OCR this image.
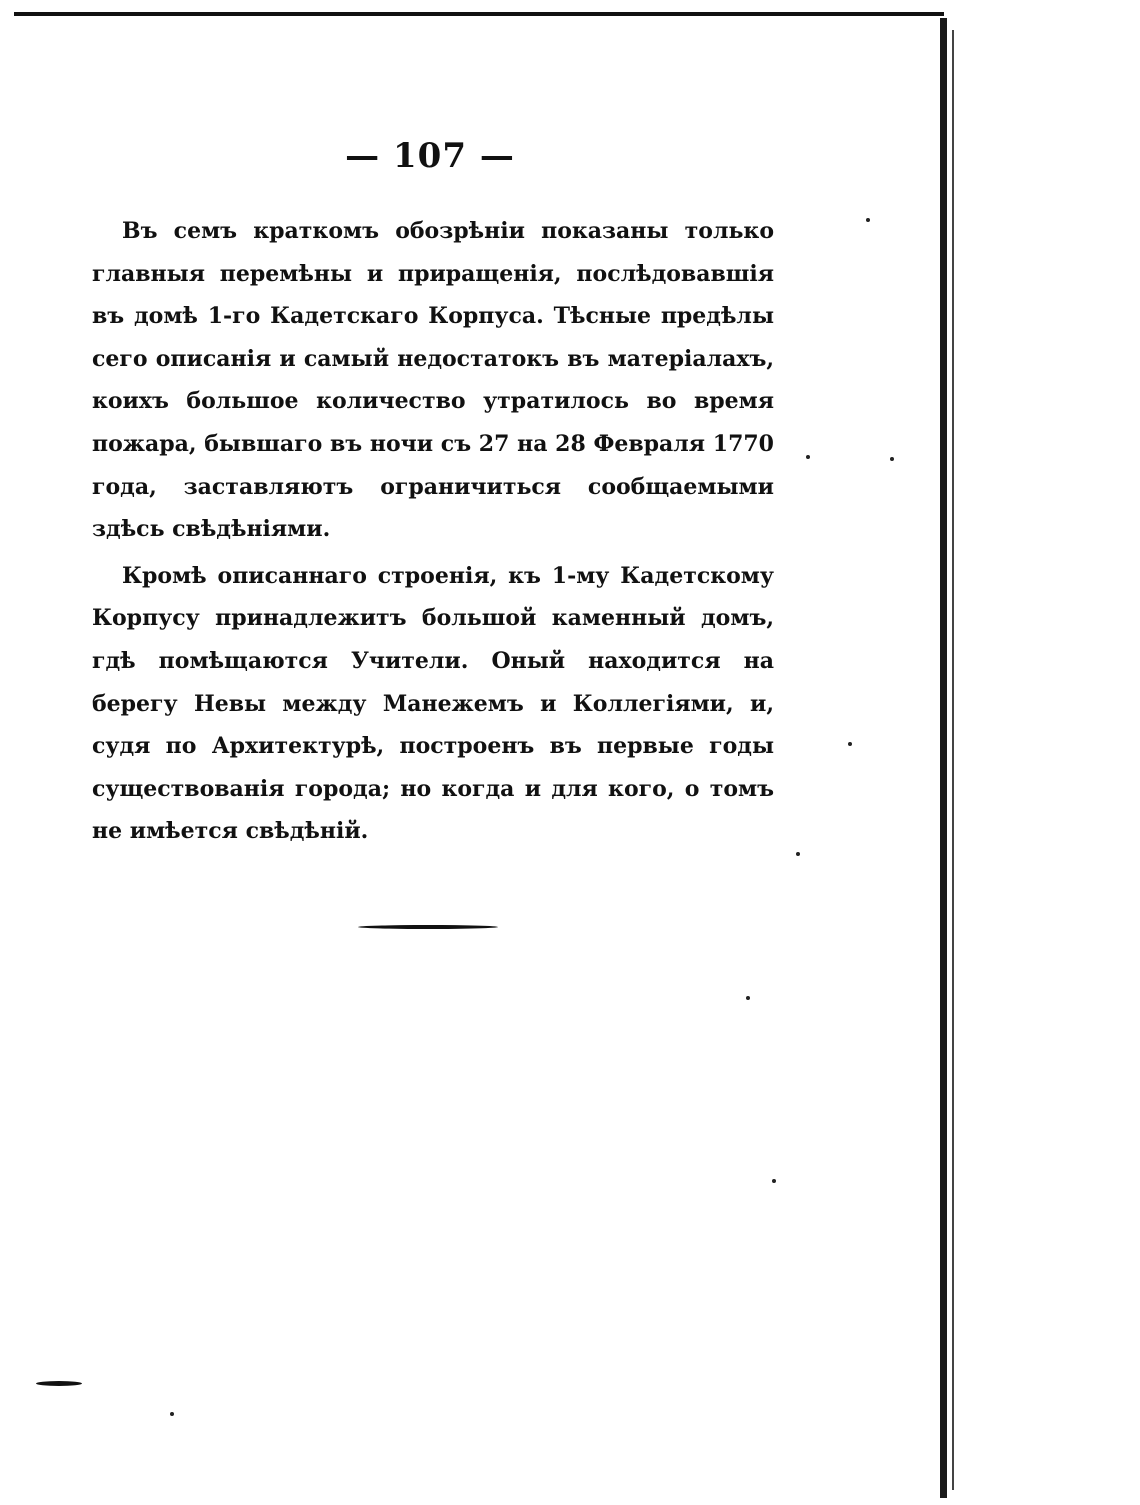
— 107 —

Въ семъ краткомъ обозрѣніи показаны только главныя перемѣны и приращенія, послѣдовавшія въ домѣ 1-го Кадетскаго Корпуса. Тѣсные предѣлы сего описанія и самый недостатокъ въ матеріалахъ, коихъ большое количество утратилось во время пожара, бывшаго въ ночи съ 27 на 28 Февраля 1770 года, заставляютъ ограничиться сообщаемыми здѣсь свѣдѣніями.

Кромѣ описаннаго строенія, къ 1-му Кадетскому Корпусу принадлежитъ большой каменный домъ, гдѣ помѣщаются Учители. Оный находится на берегу Невы между Манежемъ и Коллегіями, и, судя по Архитектурѣ, построенъ въ первые годы существованія города; но когда и для кого, о томъ не имѣется свѣдѣній.
